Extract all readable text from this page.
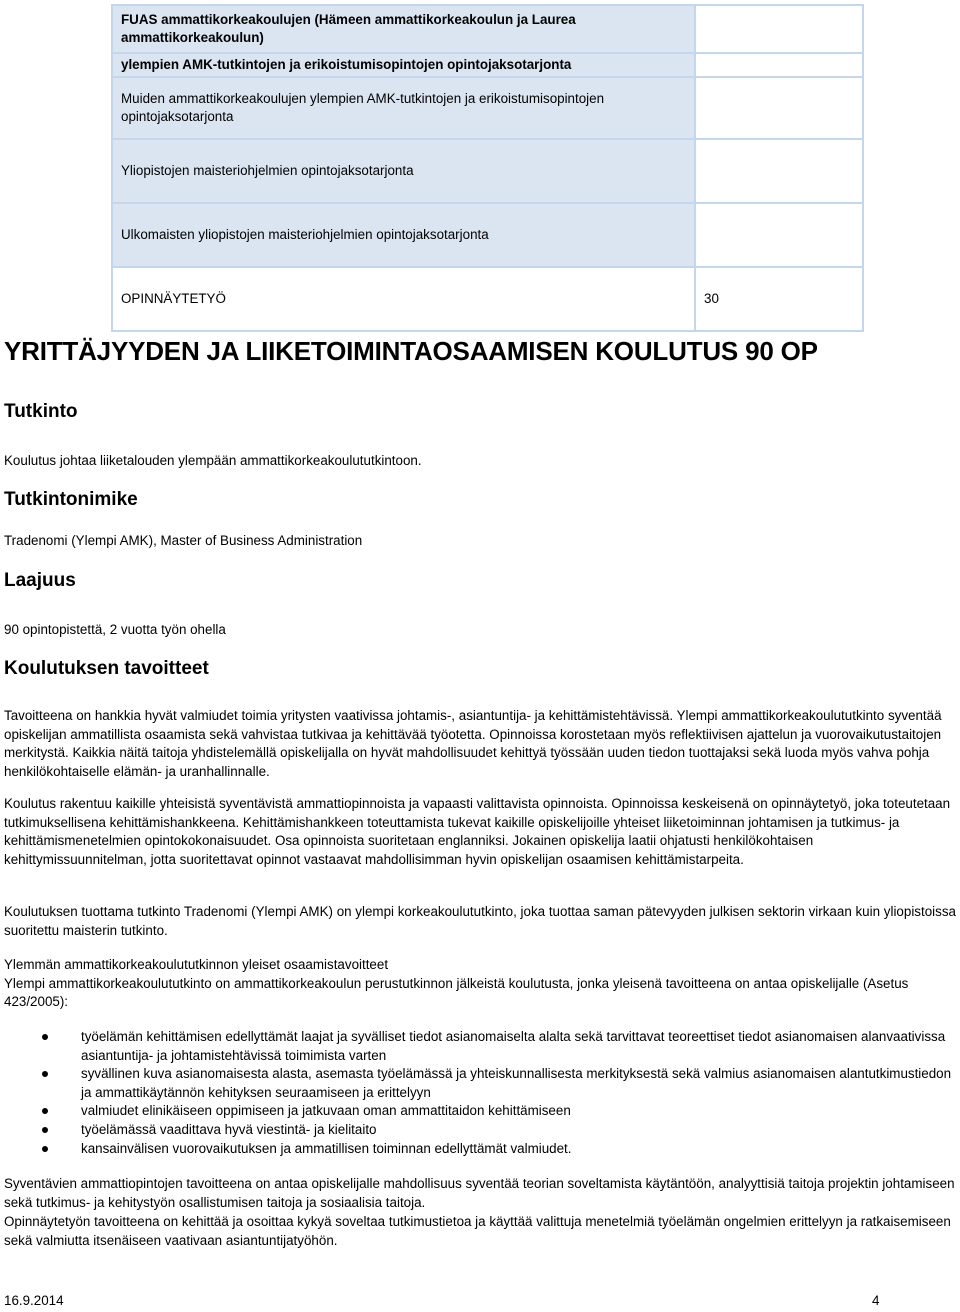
FUAS ammattikorkeakoulujen (Hämeen ammattikorkeakoulun ja Laurea ammattikorkeakoulun)	
ylempien AMK-tutkintojen ja erikoistumisopintojen opintojaksotarjonta	
Muiden ammattikorkeakoulujen ylempien AMK-tutkintojen ja erikoistumisopintojen opintojaksotarjonta	
Yliopistojen maisteriohjelmien opintojaksotarjonta	
Ulkomaisten yliopistojen maisteriohjelmien opintojaksotarjonta	
OPINNÄYTETYÖ	30
YRITTÄJYYDEN JA LIIKETOIMINTAOSAAMISEN KOULUTUS 90 OP
Tutkinto

Koulutus johtaa liiketalouden ylempään ammattikorkeakoulututkintoon.

Tutkintonimike

Tradenomi (Ylempi AMK), Master of Business Administration

Laajuus

90 opintopistettä, 2 vuotta työn ohella

Koulutuksen tavoitteet

Tavoitteena on hankkia hyvät valmiudet toimia yritysten vaativissa johtamis-, asiantuntija- ja kehittämistehtävissä. Ylempi ammattikorkeakoulututkinto syventää opiskelijan ammatillista osaamista sekä vahvistaa tutkivaa ja kehittävää työotetta. Opinnoissa korostetaan myös reflektiivisen ajattelun ja vuorovaikutustaitojen merkitystä. Kaikkia näitä taitoja yhdistelemällä opiskelijalla on hyvät mahdollisuudet kehittyä työssään uuden tiedon tuottajaksi sekä luoda myös vahva pohja henkilökohtaiselle elämän- ja uranhallinnalle.

Koulutus rakentuu kaikille yhteisistä syventävistä ammattiopinnoista ja vapaasti valittavista opinnoista. Opinnoissa keskeisenä on opinnäytetyö, joka toteutetaan tutkimuksellisena kehittämishankkeena. Kehittämishankkeen toteuttamista tukevat kaikille opiskelijoille yhteiset liiketoiminnan johtamisen ja tutkimus- ja kehittämismenetelmien opintokokonaisuudet. Osa opinnoista suoritetaan englanniksi. Jokainen opiskelija laatii ohjatusti henkilökohtaisen kehittymissuunnitelman, jotta suoritettavat opinnot vastaavat mahdollisimman hyvin opiskelijan osaamisen kehittämistarpeita.

Koulutuksen tuottama tutkinto Tradenomi (Ylempi AMK) on ylempi korkeakoulututkinto, joka tuottaa saman pätevyyden julkisen sektorin virkaan kuin yliopistoissa suoritettu maisterin tutkinto.

Ylemmän ammattikorkeakoulututkinnon yleiset osaamistavoitteet
Ylempi ammattikorkeakoulututkinto on ammattikorkeakoulun perustutkinnon jälkeistä koulutusta, jonka yleisenä tavoitteena on antaa opiskelijalle (Asetus 423/2005):
työelämän kehittämisen edellyttämät laajat ja syvälliset tiedot asianomaiselta alalta sekä tarvittavat teoreettiset tiedot asianomaisen alanvaativissa asiantuntija- ja johtamistehtävissä toimimista varten
syvällinen kuva asianomaisesta alasta, asemasta työelämässä ja yhteiskunnallisesta merkityksestä sekä valmius asianomaisen alantutkimustiedon ja ammattikäytännön kehityksen seuraamiseen ja erittelyyn
valmiudet elinikäiseen oppimiseen ja jatkuvaan oman ammattitaidon kehittämiseen
työelämässä vaadittava hyvä viestintä- ja kielitaito
kansainvälisen vuorovaikutuksen ja ammatillisen toiminnan edellyttämät valmiudet.

Syventävien ammattiopintojen tavoitteena on antaa opiskelijalle mahdollisuus syventää teorian soveltamista käytäntöön, analyyttisiä taitoja projektin johtamiseen sekä tutkimus- ja kehitystyön osallistumisen taitoja ja sosiaalisia taitoja.

Opinnäytetyön tavoitteena on kehittää ja osoittaa kykyä soveltaa tutkimustietoa ja käyttää valittuja menetelmiä työelämän ongelmien erittelyyn ja ratkaisemiseen sekä valmiutta itsenäiseen vaativaan asiantuntijatyöhön.

16.9.2014	4
